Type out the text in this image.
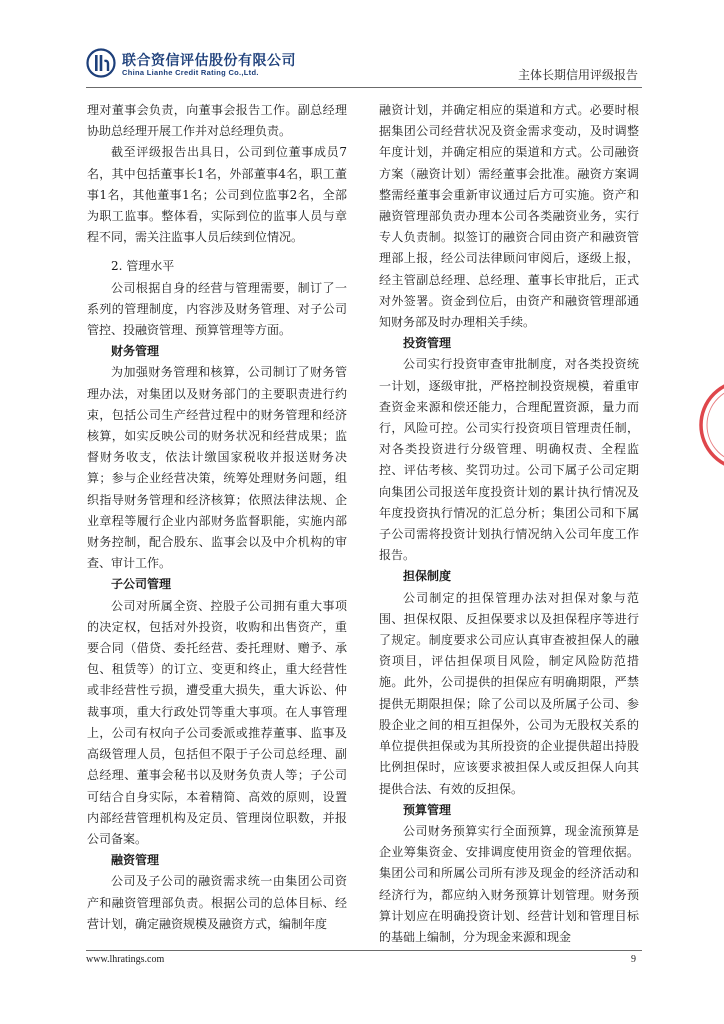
联合资信评估股份有限公司
China Lianhe Credit Rating Co.,Ltd.	主体长期信用评级报告

理对董事会负责，向董事会报告工作。副总经理协助总经理开展工作并对总经理负责。

截至评级报告出具日，公司到位董事成员7名，其中包括董事长1名，外部董事4名，职工董事1名，其他董事1名；公司到位监事2名，全部为职工监事。整体看，实际到位的监事人员与章程不同，需关注监事人员后续到位情况。

2. 管理水平

公司根据自身的经营与管理需要，制订了一系列的管理制度，内容涉及财务管理、对子公司管控、投融资管理、预算管理等方面。

财务管理

为加强财务管理和核算，公司制订了财务管理办法，对集团以及财务部门的主要职责进行约束，包括公司生产经营过程中的财务管理和经济核算，如实反映公司的财务状况和经营成果；监督财务收支，依法计缴国家税收并报送财务决算；参与企业经营决策，统筹处理财务问题，组织指导财务管理和经济核算；依照法律法规、企业章程等履行企业内部财务监督职能，实施内部财务控制，配合股东、监事会以及中介机构的审查、审计工作。

子公司管理

公司对所属全资、控股子公司拥有重大事项的决定权，包括对外投资，收购和出售资产，重要合同（借贷、委托经营、委托理财、赠予、承包、租赁等）的订立、变更和终止，重大经营性或非经营性亏损，遭受重大损失，重大诉讼、仲裁事项，重大行政处罚等重大事项。在人事管理上，公司有权向子公司委派或推荐董事、监事及高级管理人员，包括但不限于子公司总经理、副总经理、董事会秘书以及财务负责人等；子公司可结合自身实际，本着精简、高效的原则，设置内部经营管理机构及定员、管理岗位职数，并报公司备案。

融资管理

公司及子公司的融资需求统一由集团公司资产和融资管理部负责。根据公司的总体目标、经营计划，确定融资规模及融资方式，编制年度

融资计划，并确定相应的渠道和方式。必要时根据集团公司经营状况及资金需求变动，及时调整年度计划，并确定相应的渠道和方式。公司融资方案（融资计划）需经董事会批准。融资方案调整需经董事会重新审议通过后方可实施。资产和融资管理部负责办理本公司各类融资业务，实行专人负责制。拟签订的融资合同由资产和融资管理部上报，经公司法律顾问审阅后，逐级上报，经主管副总经理、总经理、董事长审批后，正式对外签署。资金到位后，由资产和融资管理部通知财务部及时办理相关手续。

投资管理

公司实行投资审查审批制度，对各类投资统一计划，逐级审批，严格控制投资规模，着重审查资金来源和偿还能力，合理配置资源，量力而行，风险可控。公司实行投资项目管理责任制，对各类投资进行分级管理、明确权责、全程监控、评估考核、奖罚功过。公司下属子公司定期向集团公司报送年度投资计划的累计执行情况及年度投资执行情况的汇总分析；集团公司和下属子公司需将投资计划执行情况纳入公司年度工作报告。

担保制度

公司制定的担保管理办法对担保对象与范围、担保权限、反担保要求以及担保程序等进行了规定。制度要求公司应认真审查被担保人的融资项目，评估担保项目风险，制定风险防范措施。此外，公司提供的担保应有明确期限，严禁提供无期限担保；除了公司以及所属子公司、参股企业之间的相互担保外，公司为无股权关系的单位提供担保或为其所投资的企业提供超出持股比例担保时，应该要求被担保人或反担保人向其提供合法、有效的反担保。

预算管理

公司财务预算实行全面预算，现金流预算是企业筹集资金、安排调度使用资金的管理依据。集团公司和所属公司所有涉及现金的经济活动和经济行为，都应纳入财务预算计划管理。财务预算计划应在明确投资计划、经营计划和管理目标的基础上编制，分为现金来源和现金

www.lhratings.com	9
